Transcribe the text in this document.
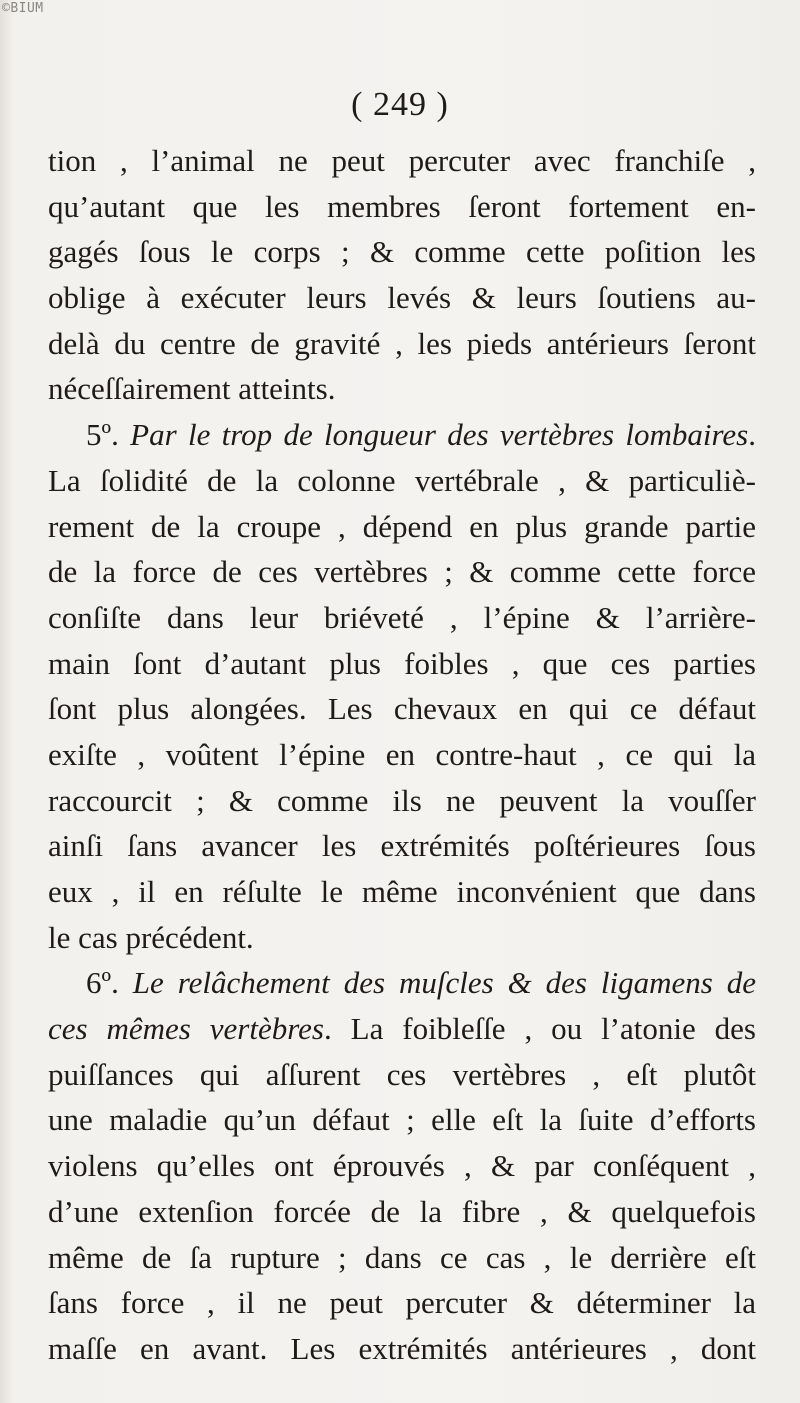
©BIUM
( 249 )
tion , l’animal ne peut percuter avec franchiſe ,
qu’autant que les membres ſeront fortement en-
gagés ſous le corps ; & comme cette poſition les
oblige à exécuter leurs levés & leurs ſoutiens au-
delà du centre de gravité , les pieds antérieurs ſeront
néceſſairement atteints.
5º. Par le trop de longueur des vertèbres lombaires.
La ſolidité de la colonne vertébrale , & particuliè-
rement de la croupe , dépend en plus grande partie
de la force de ces vertèbres ; & comme cette force
conſiſte dans leur briéveté , l’épine & l’arrière-
main ſont d’autant plus foibles , que ces parties
ſont plus alongées. Les chevaux en qui ce défaut
exiſte , voûtent l’épine en contre-haut , ce qui la
raccourcit ; & comme ils ne peuvent la vouſſer
ainſi ſans avancer les extrémités poſtérieures ſous
eux , il en réſulte le même inconvénient que dans
le cas précédent.
6º. Le relâchement des muſcles & des ligamens de
ces mêmes vertèbres. La foibleſſe , ou l’atonie des
puiſſances qui aſſurent ces vertèbres , eſt plutôt
une maladie qu’un défaut ; elle eſt la ſuite d’efforts
violens qu’elles ont éprouvés , & par conſéquent ,
d’une extenſion forcée de la fibre , & quelquefois
même de ſa rupture ; dans ce cas , le derrière eſt
ſans force , il ne peut percuter & déterminer la
maſſe en avant. Les extrémités antérieures , dont
